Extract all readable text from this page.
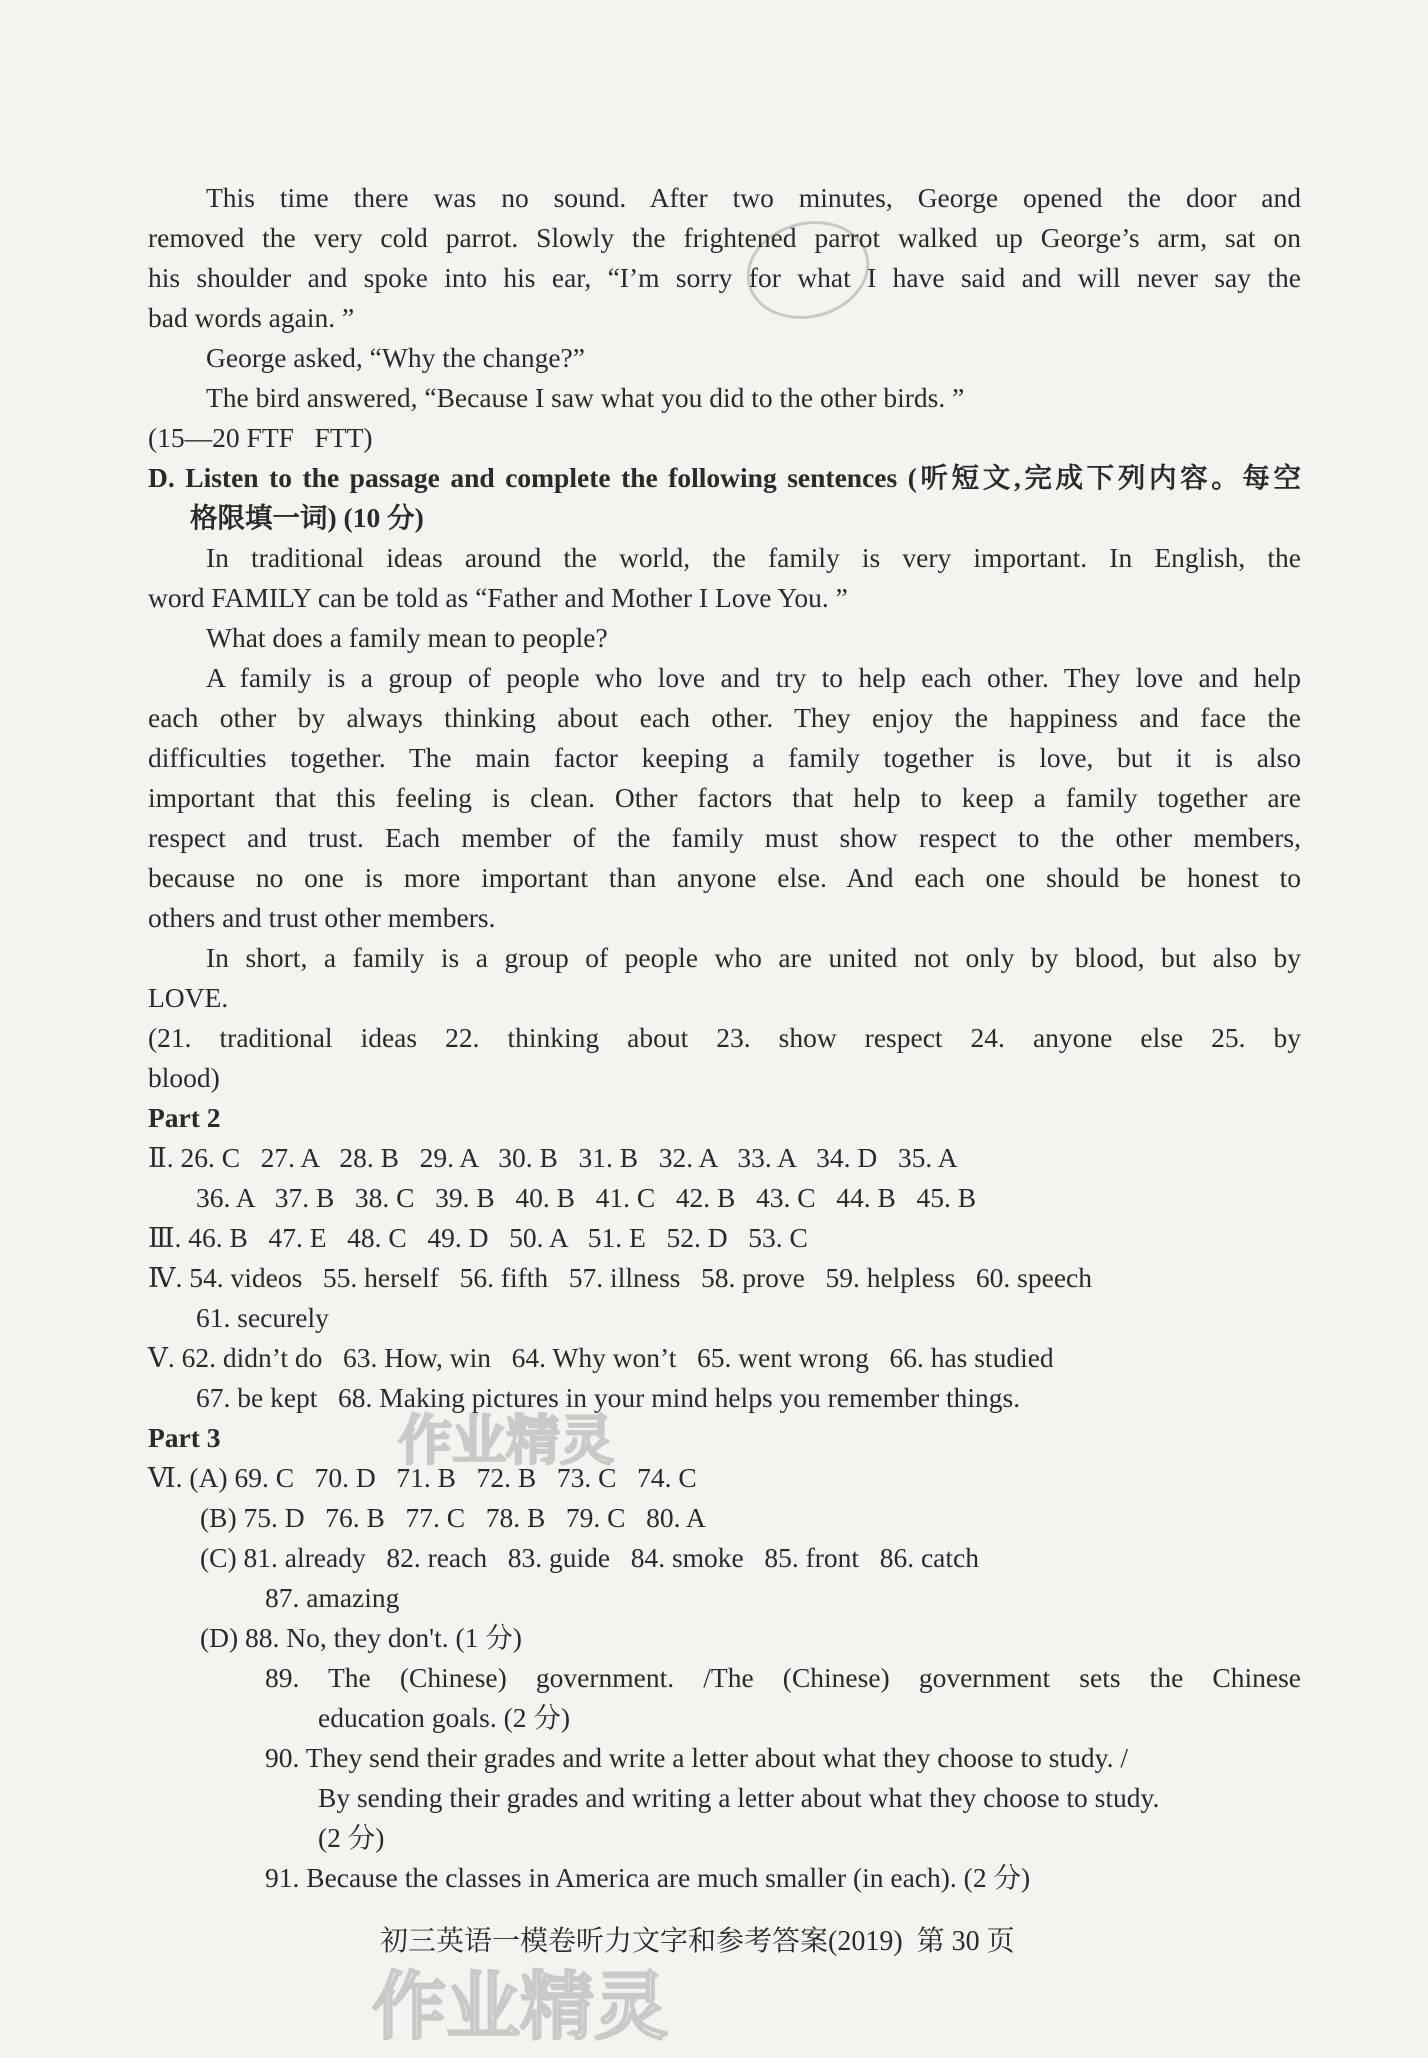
This time there was no sound. After two minutes, George opened the door and
removed the very cold parrot. Slowly the frightened parrot walked up George’s arm, sat on
his shoulder and spoke into his ear, “I’m sorry for what I have said and will never say the
bad words again. ”
George asked, “Why the change?”
The bird answered, “Because I saw what you did to the other birds. ”
(15—20 FTF   FTT)
D. Listen to the passage and complete the following sentences (听短文,完成下列内容。每空
格限填一词) (10 分)
In traditional ideas around the world, the family is very important. In English, the
word FAMILY can be told as “Father and Mother I Love You. ”
What does a family mean to people?
A family is a group of people who love and try to help each other. They love and help
each other by always thinking about each other. They enjoy the happiness and face the
difficulties together. The main factor keeping a family together is love, but it is also
important that this feeling is clean. Other factors that help to keep a family together are
respect and trust. Each member of the family must show respect to the other members,
because no one is more important than anyone else. And each one should be honest to
others and trust other members.
In short, a family is a group of people who are united not only by blood, but also by
LOVE.
(21. traditional ideas 22. thinking about 23. show respect 24. anyone else 25. by
blood)
Part 2
Ⅱ. 26. C   27. A   28. B   29. A   30. B   31. B   32. A   33. A   34. D   35. A
36. A   37. B   38. C   39. B   40. B   41. C   42. B   43. C   44. B   45. B
Ⅲ. 46. B   47. E   48. C   49. D   50. A   51. E   52. D   53. C
Ⅳ. 54. videos   55. herself   56. fifth   57. illness   58. prove   59. helpless   60. speech
61. securely
Ⅴ. 62. didn’t do   63. How, win   64. Why won’t   65. went wrong   66. has studied
67. be kept   68. Making pictures in your mind helps you remember things.
Part 3
Ⅵ. (A) 69. C   70. D   71. B   72. B   73. C   74. C
(B) 75. D   76. B   77. C   78. B   79. C   80. A
(C) 81. already   82. reach   83. guide   84. smoke   85. front   86. catch
87. amazing
(D) 88. No, they don't. (1 分)
89. The (Chinese) government. /The (Chinese) government sets the Chinese
education goals. (2 分)
90. They send their grades and write a letter about what they choose to study. /
By sending their grades and writing a letter about what they choose to study.
(2 分)
91. Because the classes in America are much smaller (in each). (2 分)
作业精灵
作业精灵
初三英语一模卷听力文字和参考答案(2019)  第 30 页
